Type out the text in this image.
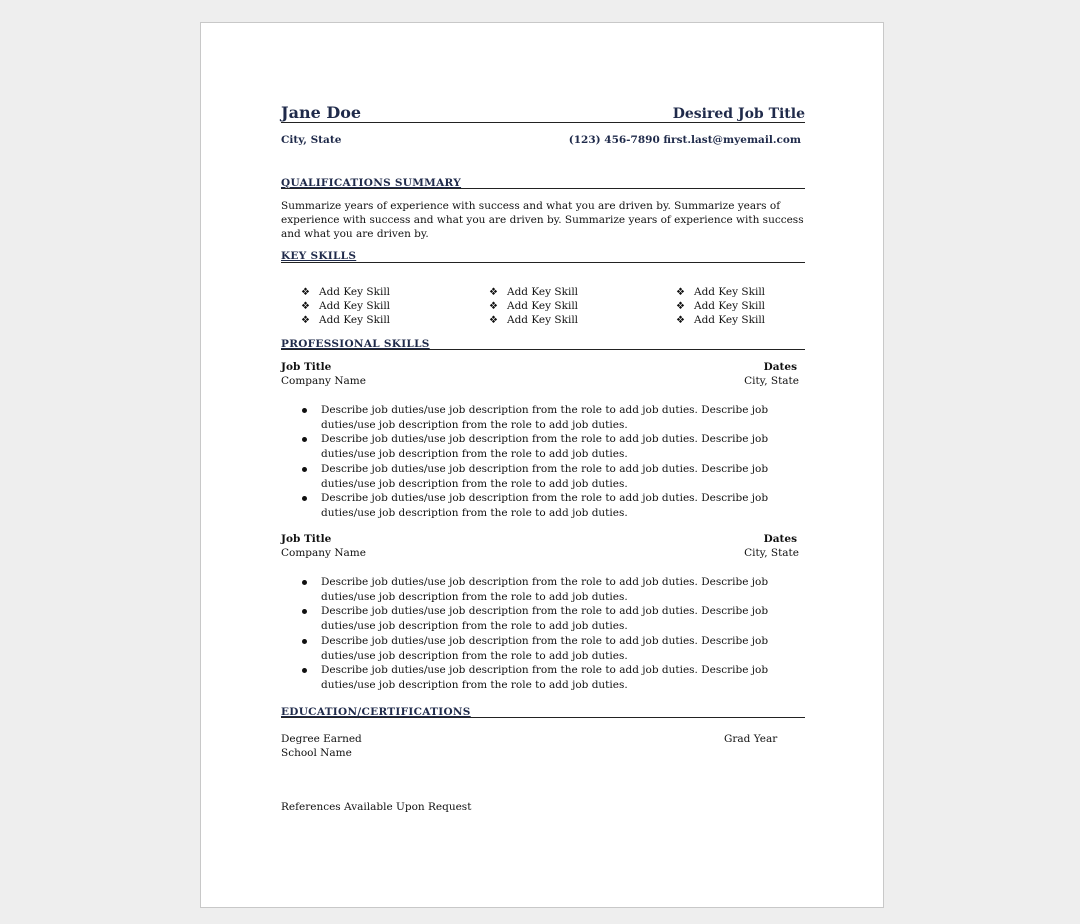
Jane Doe	Desired Job Title
City, State	(123) 456-7890 first.last@myemail.com
QUALIFICATIONS SUMMARY
Summarize years of experience with success and what you are driven by. Summarize years of experience with success and what you are driven by. Summarize years of experience with success and what you are driven by.
KEY SKILLS
❖ Add Key Skill
❖ Add Key Skill
❖ Add Key Skill
❖ Add Key Skill
❖ Add Key Skill
❖ Add Key Skill
❖ Add Key Skill
❖ Add Key Skill
❖ Add Key Skill
PROFESSIONAL SKILLS
Job Title	Dates
Company Name	City, State
Describe job duties/use job description from the role to add job duties. Describe job duties/use job description from the role to add job duties.
Describe job duties/use job description from the role to add job duties. Describe job duties/use job description from the role to add job duties.
Describe job duties/use job description from the role to add job duties. Describe job duties/use job description from the role to add job duties.
Describe job duties/use job description from the role to add job duties. Describe job duties/use job description from the role to add job duties.
Job Title	Dates
Company Name	City, State
Describe job duties/use job description from the role to add job duties. Describe job duties/use job description from the role to add job duties.
Describe job duties/use job description from the role to add job duties. Describe job duties/use job description from the role to add job duties.
Describe job duties/use job description from the role to add job duties. Describe job duties/use job description from the role to add job duties.
Describe job duties/use job description from the role to add job duties. Describe job duties/use job description from the role to add job duties.
EDUCATION/CERTIFICATIONS
Degree Earned	Grad Year
School Name
References Available Upon Request
